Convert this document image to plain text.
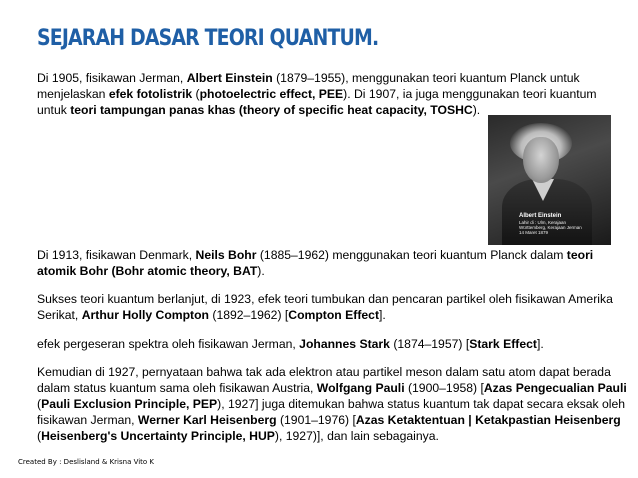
SEJARAH DASAR TEORI QUANTUM.
Di 1905, fisikawan Jerman, Albert Einstein (1879–1955), menggunakan teori kuantum Planck untuk menjelaskan efek fotolistrik (photoelectric effect, PEE). Di 1907, ia juga menggunakan teori kuantum untuk teori tampungan panas khas (theory of specific heat capacity, TOSHC).
Albert Einstein
Lahir di : Ulm, Kerajaan
Württemberg, Kerajaan Jerman
14 Maret 1879
Di 1913, fisikawan Denmark, Neils Bohr (1885–1962) menggunakan teori kuantum Planck dalam teori atomik Bohr (Bohr atomic theory, BAT).
Sukses teori kuantum berlanjut, di 1923, efek teori tumbukan dan pencaran partikel oleh fisikawan Amerika Serikat, Arthur Holly Compton (1892–1962) [Compton Effect].
efek pergeseran spektra oleh fisikawan Jerman, Johannes Stark (1874–1957) [Stark Effect].
Kemudian di 1927, pernyataan bahwa tak ada elektron atau partikel meson dalam satu atom dapat berada dalam status kuantum sama oleh fisikawan Austria, Wolfgang Pauli (1900–1958) [Azas Pengecualian Pauli (Pauli Exclusion Principle, PEP), 1927] juga ditemukan bahwa status kuantum tak dapat secara eksak oleh fisikawan Jerman, Werner Karl Heisenberg (1901–1976) [Azas Ketaktentuan | Ketakpastian Heisenberg (Heisenberg's Uncertainty Principle, HUP), 1927)], dan lain sebagainya.
Created By : Deslisland & Krisna Vito K
